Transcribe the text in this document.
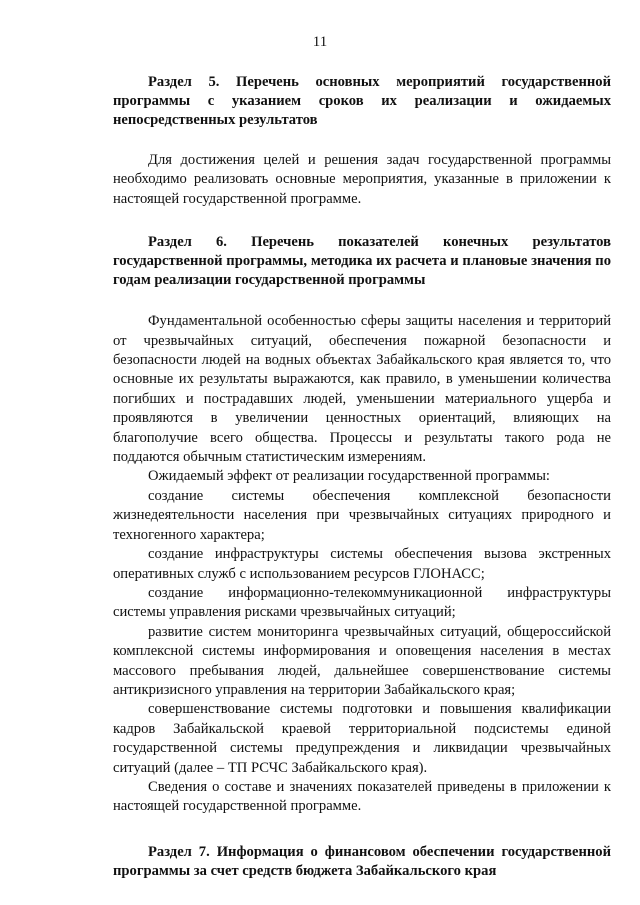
11

Раздел 5. Перечень основных мероприятий государственной программы с указанием сроков их реализации и ожидаемых непосредственных результатов

Для достижения целей и решения задач государственной программы необходимо реализовать основные мероприятия, указанные в приложении к настоящей государственной программе.

Раздел 6. Перечень показателей конечных результатов государственной программы, методика их расчета и плановые значения по годам реализации государственной программы

Фундаментальной особенностью сферы защиты населения и территорий от чрезвычайных ситуаций, обеспечения пожарной безопасности и безопасности людей на водных объектах Забайкальского края является то, что основные их результаты выражаются, как правило, в уменьшении количества погибших и пострадавших людей, уменьшении материального ущерба и проявляются в увеличении ценностных ориентаций, влияющих на благополучие всего общества. Процессы и результаты такого рода не поддаются обычным статистическим измерениям.

Ожидаемый эффект от реализации государственной программы:

создание системы обеспечения комплексной безопасности жизнедеятельности населения при чрезвычайных ситуациях природного и техногенного характера;

создание инфраструктуры системы обеспечения вызова экстренных оперативных служб с использованием ресурсов ГЛОНАСС;

создание информационно-телекоммуникационной инфраструктуры системы управления рисками чрезвычайных ситуаций;

развитие систем мониторинга чрезвычайных ситуаций, общероссийской комплексной системы информирования и оповещения населения в местах массового пребывания людей, дальнейшее совершенствование системы антикризисного управления на территории Забайкальского края;

совершенствование системы подготовки и повышения квалификации кадров Забайкальской краевой территориальной подсистемы единой государственной системы предупреждения и ликвидации чрезвычайных ситуаций (далее – ТП РСЧС Забайкальского края).

Сведения о составе и значениях показателей приведены в приложении к настоящей государственной программе.

Раздел 7. Информация о финансовом обеспечении государственной программы за счет средств бюджета Забайкальского края
